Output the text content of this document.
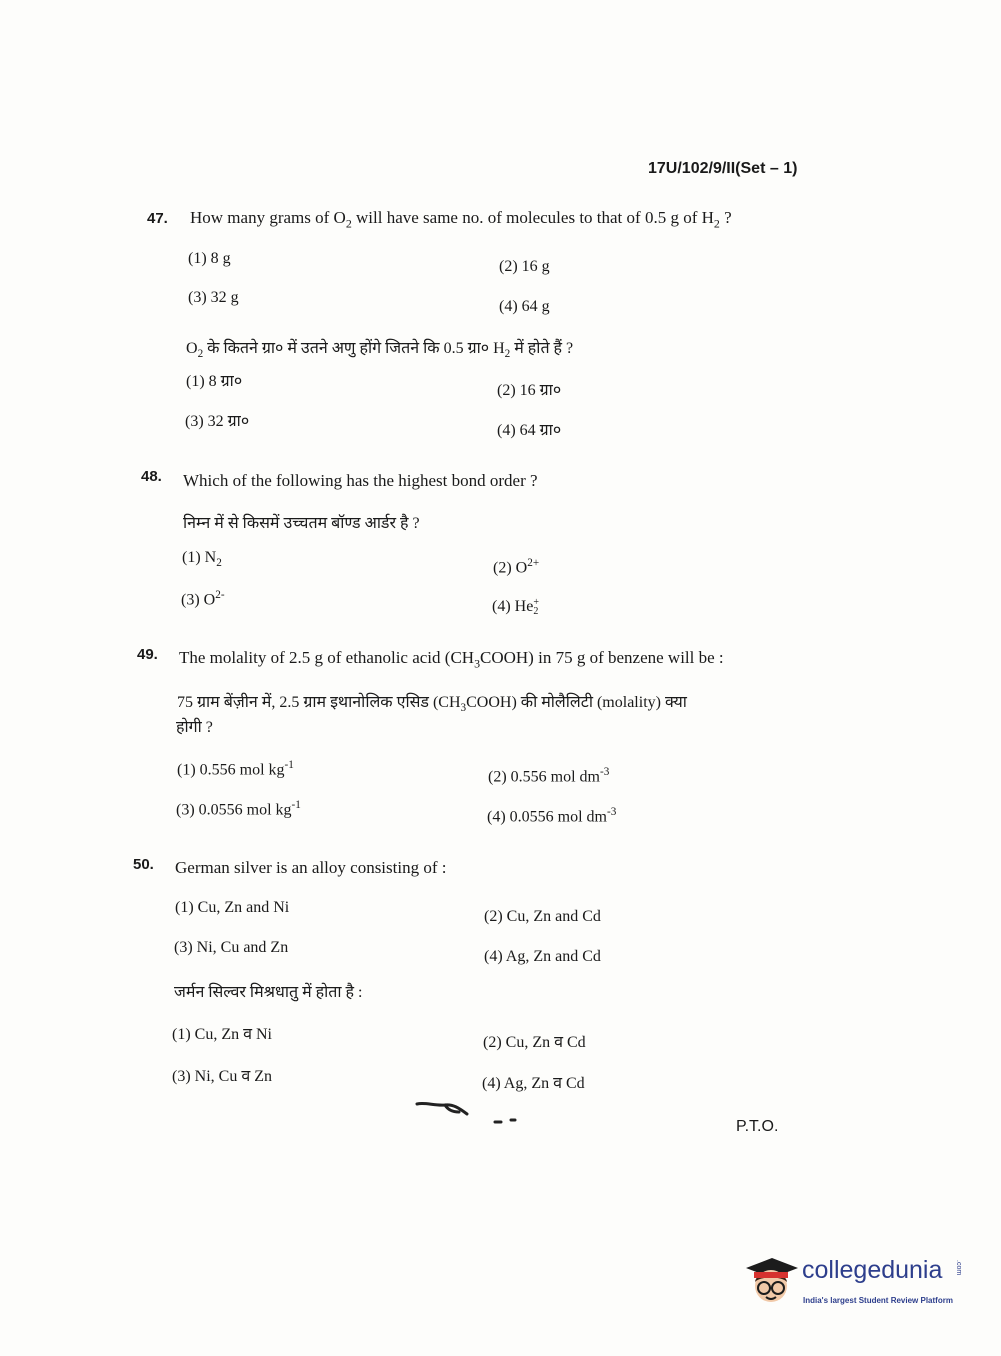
17U/102/9/II(Set – 1)
47. How many grams of $O_2$ will have same no. of molecules to that of 0.5 g of $H_2$ ?
(1) 8 g	(2) 16 g
(3) 32 g
(4) 64 g
$O_2$ के कितने ग्रा० में उतने अणु होंगे जितने कि 0.5 ग्रा० $H_2$ में होते हैं ?
(1) 8 ग्रा०
(2) 16 ग्रा०
(3) 32 ग्रा०
(4) 64 ग्रा०
48. Which of the following has the highest bond order ?
निम्न में से किसमें उच्चतम बॉण्ड आर्डर है ?
(1) $N_2$	(2) $O^{2+}$
(3) $O^{2-}$
(4) He +
2
49. The molality of 2.5 g of ethanolic acid $(CH_3COOH)$ in 75 g of benzene will be :
75 ग्राम बेंज़ीन में, 2.5 ग्राम इथानोलिक एसिड $(CH_3COOH)$ की मोलैलिटी (molality) क्या
होगी ?
(1) 0.556 mol $kg^{-1}$
(2) 0.556 mol $dm^{-3}$
(3) 0.0556 mol $kg^{-1}$
(4) 0.0556 mol $dm^{-3}$
50. German silver is an alloy consisting of :
(1) Cu, Zn and Ni
(2) Cu, Zn and Cd
(3) Ni, Cu and Zn
(4) Ag, Zn and Cd
जर्मन सिल्वर मिश्रधातु में होता है :
(1) Cu, Zn व Ni	(2) Cu, Zn व Cd
(3) Ni, Cu व Zn	(4) Ag, Zn व Cd
P.T.O.
collegedunia .com
India's largest Student Review Platform
